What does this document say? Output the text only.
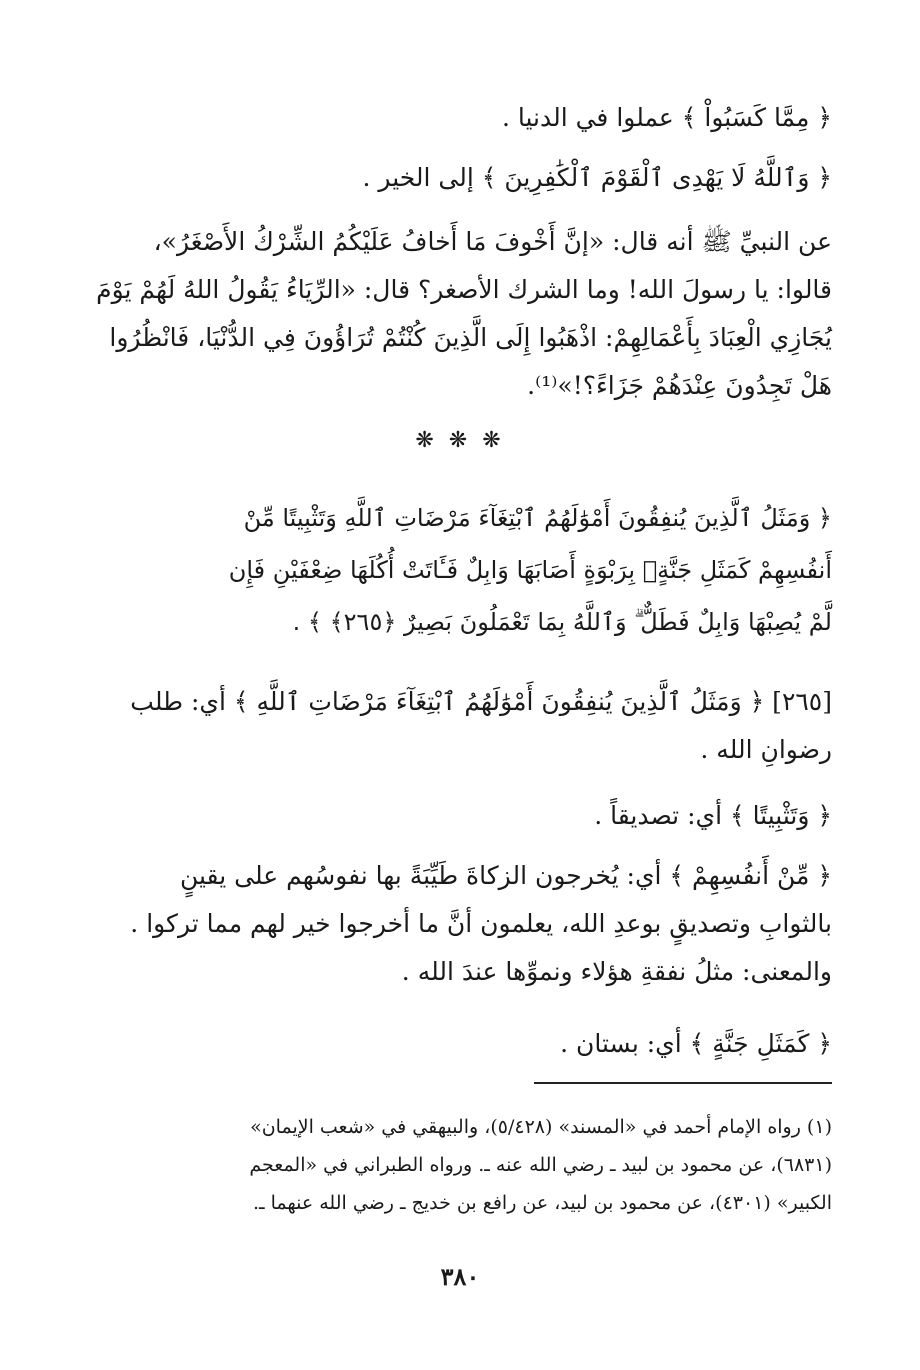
﴿ مِمَّا كَسَبُواْ ﴾ عملوا في الدنيا .
﴿ وَٱللَّهُ لَا يَهْدِى ٱلْقَوْمَ ٱلْكَٰفِرِينَ ﴾ إلى الخير .
عن النبيِّ ﷺ أنه قال: «إنَّ أَخْوفَ مَا أَخافُ عَلَيْكُمُ الشِّرْكُ الأَصْغَرُ»،
قالوا: يا رسولَ الله! وما الشرك الأصغر؟ قال: «الرِّيَاءُ يَقُولُ اللهُ لَهُمْ يَوْمَ
يُجَازِي الْعِبَادَ بِأَعْمَالِهِمْ: اذْهَبُوا إِلَى الَّذِينَ كُنْتُمْ تُرَاؤُونَ فِي الدُّنْيَا، فَانْظُرُوا
هَلْ تَجِدُونَ عِنْدَهُمْ جَزَاءً؟!»⁽¹⁾.
❋ ❋ ❋
﴿ وَمَثَلُ ٱلَّذِينَ يُنفِقُونَ أَمْوَٰلَهُمُ ٱبْتِغَآءَ مَرْضَاتِ ٱللَّهِ وَتَثْبِيتًا مِّنْ
أَنفُسِهِمْ كَمَثَلِ جَنَّةٍۭ بِرَبْوَةٍ أَصَابَهَا وَابِلٌ فَـَٔاتَتْ أُكُلَهَا ضِعْفَيْنِ فَإِن
لَّمْ يُصِبْهَا وَابِلٌ فَطَلٌّ ۗ وَٱللَّهُ بِمَا تَعْمَلُونَ بَصِيرٌ ﴿٢٦٥﴾ ﴾ .
[٢٦٥] ﴿ وَمَثَلُ ٱلَّذِينَ يُنفِقُونَ أَمْوَٰلَهُمُ ٱبْتِغَآءَ مَرْضَاتِ ٱللَّهِ ﴾ أي: طلب
رضوانِ الله .
﴿ وَتَثْبِيتًا ﴾ أي: تصديقاً .
﴿ مِّنْ أَنفُسِهِمْ ﴾ أي: يُخرجون الزكاةَ طَيِّبَةً بها نفوسُهم على يقينٍ
بالثوابِ وتصديقٍ بوعدِ الله، يعلمون أنَّ ما أخرجوا خير لهم مما تركوا .
والمعنى: مثلُ نفقةِ هؤلاء ونموِّها عندَ الله .
﴿ كَمَثَلِ جَنَّةٍ ﴾ أي: بستان .
(١) رواه الإمام أحمد في «المسند» (٥/٤٢٨)، والبيهقي في «شعب الإيمان»
(٦٨٣١)، عن محمود بن لبيد ـ رضي الله عنه ـ. ورواه الطبراني في «المعجم
الكبير» (٤٣٠١)، عن محمود بن لبيد، عن رافع بن خديج ـ رضي الله عنهما ـ.
٣٨٠
